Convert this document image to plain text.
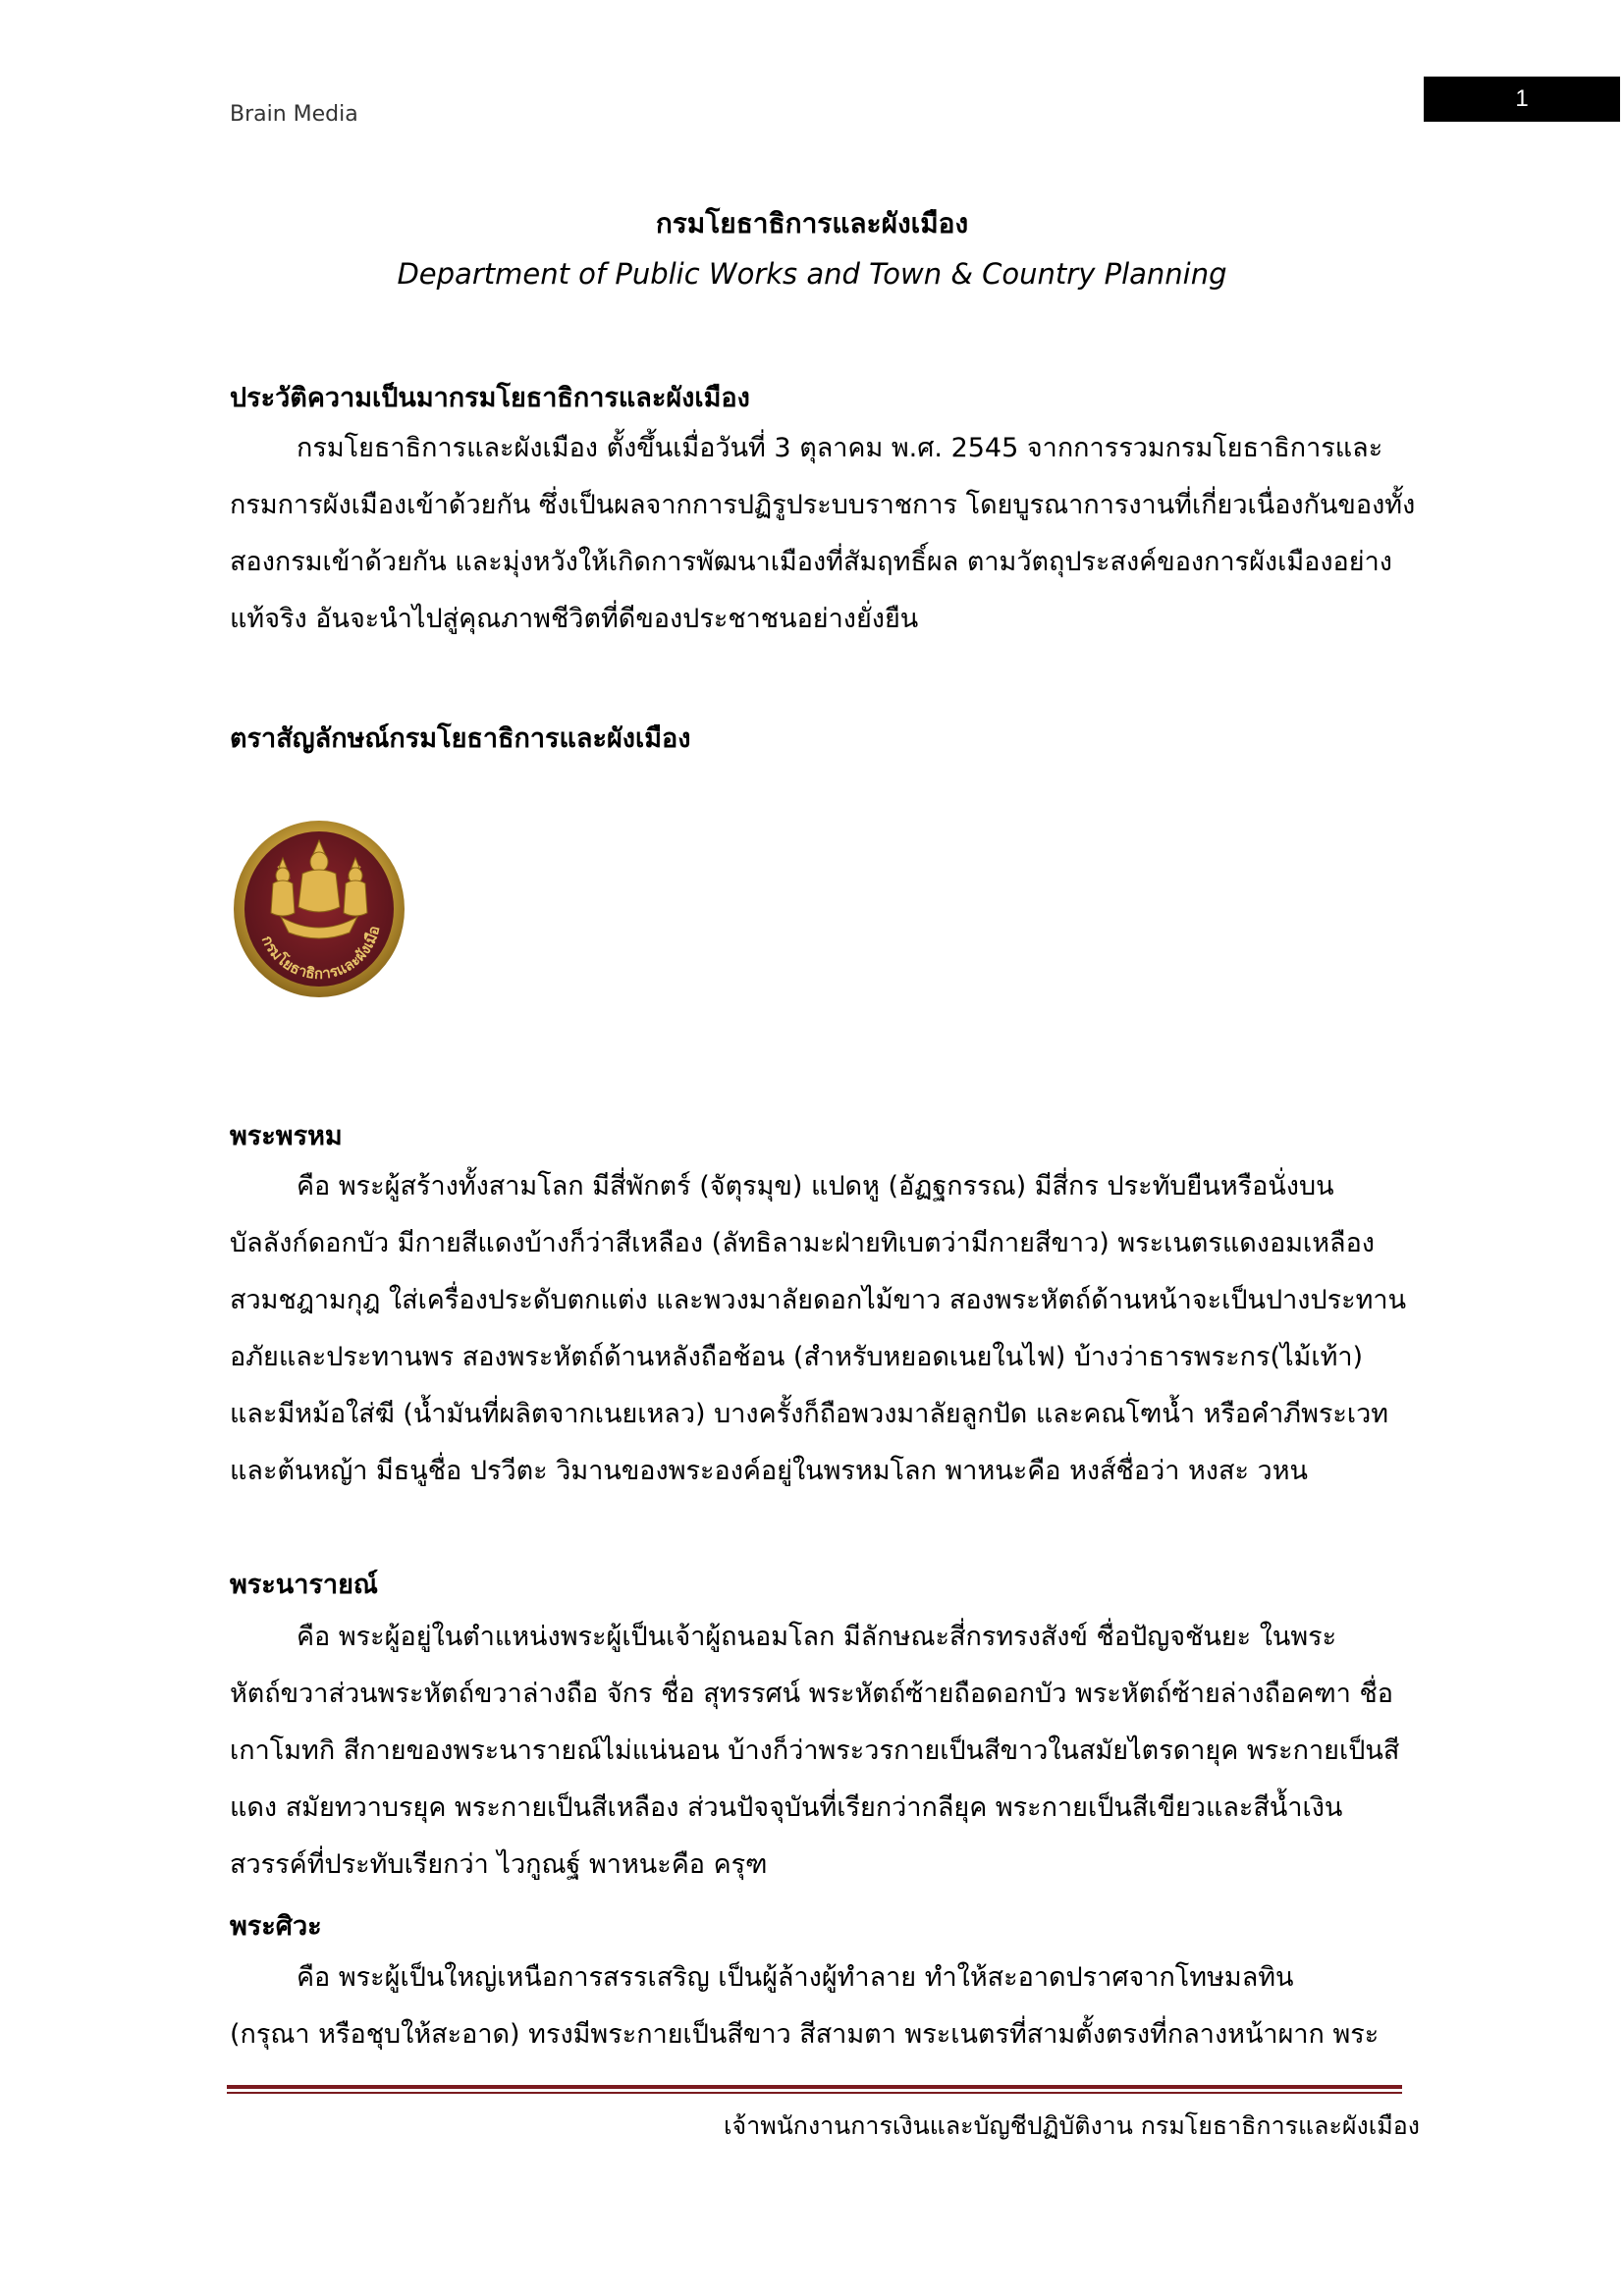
Brain Media
1
กรมโยธาธิการและผังเมือง
Department of Public Works and Town & Country Planning
ประวัติความเป็นมากรมโยธาธิการและผังเมือง
กรมโยธาธิการและผังเมือง ตั้งขึ้นเมื่อวันที่ 3 ตุลาคม พ.ศ. 2545 จากการรวมกรมโยธาธิการและ
กรมการผังเมืองเข้าด้วยกัน ซึ่งเป็นผลจากการปฏิรูประบบราชการ โดยบูรณาการงานที่เกี่ยวเนื่องกันของทั้ง
สองกรมเข้าด้วยกัน และมุ่งหวังให้เกิดการพัฒนาเมืองที่สัมฤทธิ์ผล ตามวัตถุประสงค์ของการผังเมืองอย่าง
แท้จริง อันจะนำไปสู่คุณภาพชีวิตที่ดีของประชาชนอย่างยั่งยืน
ตราสัญลักษณ์กรมโยธาธิการและผังเมือง
กรมโยธาธิการและผังเมือ
พระพรหม
คือ พระผู้สร้างทั้งสามโลก มีสี่พักตร์ (จัตุรมุข) แปดหู (อัฏฐกรรณ) มีสี่กร ประทับยืนหรือนั่งบน
บัลลังก์ดอกบัว มีกายสีแดงบ้างก็ว่าสีเหลือง (ลัทธิลามะฝ่ายทิเบตว่ามีกายสีขาว) พระเนตรแดงอมเหลือง
สวมชฎามกุฎ ใส่เครื่องประดับตกแต่ง และพวงมาลัยดอกไม้ขาว สองพระหัตถ์ด้านหน้าจะเป็นปางประทาน
อภัยและประทานพร สองพระหัตถ์ด้านหลังถือช้อน (สำหรับหยอดเนยในไฟ) บ้างว่าธารพระกร(ไม้เท้า)
และมีหม้อใส่ฆี (น้ำมันที่ผลิตจากเนยเหลว) บางครั้งก็ถือพวงมาลัยลูกปัด และคณโฑน้ำ หรือคำภีพระเวท
และต้นหญ้า มีธนูชื่อ ปรวีตะ วิมานของพระองค์อยู่ในพรหมโลก พาหนะคือ หงส์ชื่อว่า หงสะ วหน
พระนารายณ์
คือ พระผู้อยู่ในตำแหน่งพระผู้เป็นเจ้าผู้ถนอมโลก มีลักษณะสี่กรทรงสังข์ ชื่อปัญจชันยะ ในพระ
หัตถ์ขวาส่วนพระหัตถ์ขวาล่างถือ จักร ชื่อ สุทรรศน์ พระหัตถ์ซ้ายถือดอกบัว พระหัตถ์ซ้ายล่างถือคฑา ชื่อ
เกาโมทกิ สีกายของพระนารายณ์ไม่แน่นอน บ้างก็ว่าพระวรกายเป็นสีขาวในสมัยไตรดายุค พระกายเป็นสี
แดง สมัยทวาบรยุค พระกายเป็นสีเหลือง ส่วนปัจจุบันที่เรียกว่ากลียุค พระกายเป็นสีเขียวและสีน้ำเงิน
สวรรค์ที่ประทับเรียกว่า ไวกูณฐ์ พาหนะคือ ครุฑ
พระศิวะ
คือ พระผู้เป็นใหญ่เหนือการสรรเสริญ เป็นผู้ล้างผู้ทำลาย ทำให้สะอาดปราศจากโทษมลทิน
(กรุณา หรือชุบให้สะอาด) ทรงมีพระกายเป็นสีขาว สีสามตา พระเนตรที่สามตั้งตรงที่กลางหน้าผาก พระ
เจ้าพนักงานการเงินและบัญชีปฏิบัติงาน กรมโยธาธิการและผังเมือง
